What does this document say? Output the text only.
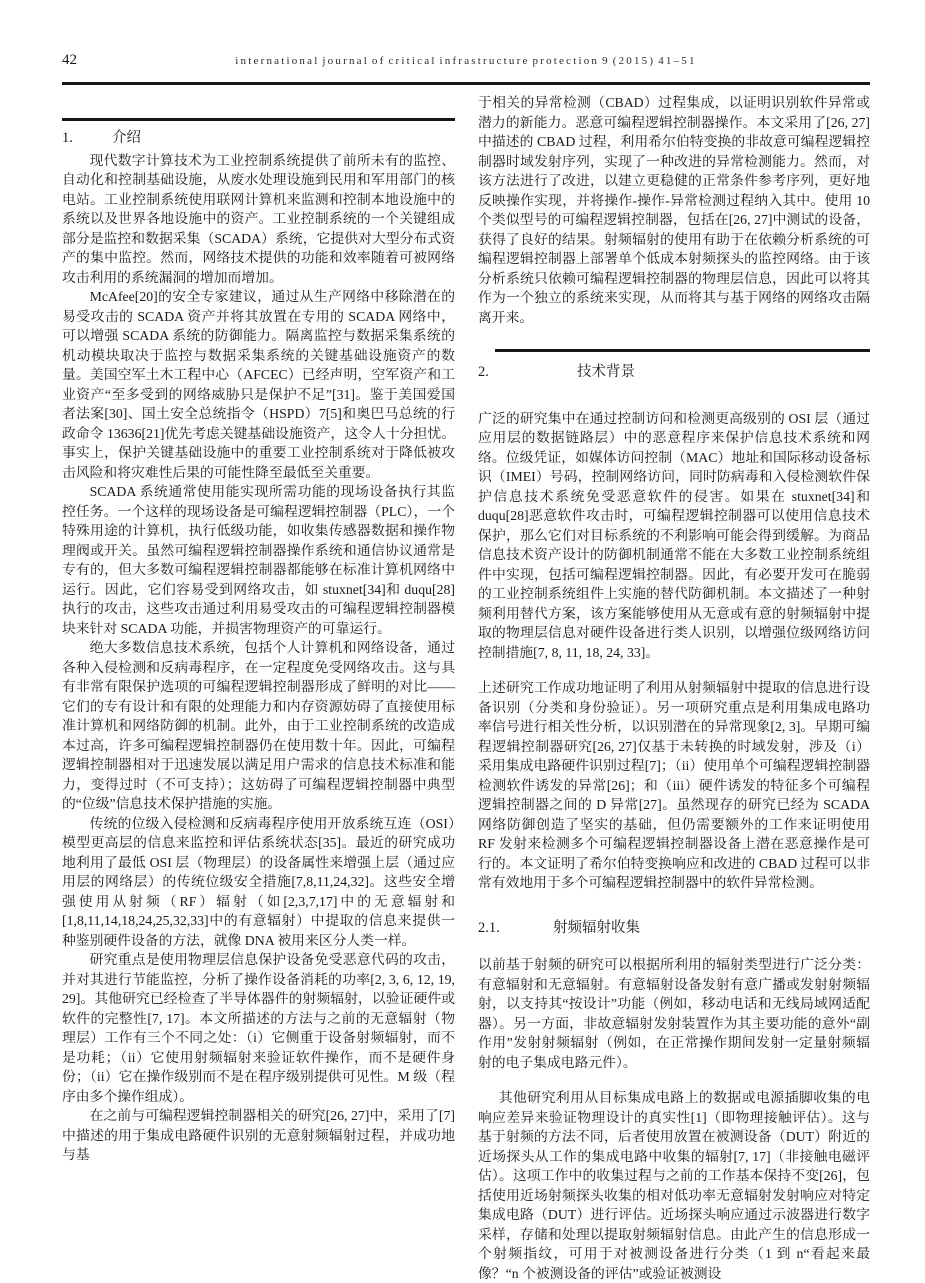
42	international journal of critical infrastructure protection 9 (2015) 41–51
1.	介绍

现代数字计算技术为工业控制系统提供了前所未有的监控、自动化和控制基础设施，从废水处理设施到民用和军用部门的核电站。工业控制系统使用联网计算机来监测和控制本地设施中的系统以及世界各地设施中的资产。工业控制系统的一个关键组成部分是监控和数据采集（SCADA）系统，它提供对大型分布式资产的集中监控。然而，网络技术提供的功能和效率随着可被网络攻击利用的系统漏洞的增加而增加。

McAfee[20]的安全专家建议，通过从生产网络中移除潜在的易受攻击的 SCADA 资产并将其放置在专用的 SCADA 网络中，可以增强 SCADA 系统的防御能力。隔离监控与数据采集系统的机动模块取决于监控与数据采集系统的关键基础设施资产的数量。美国空军土木工程中心（AFCEC）已经声明，空军资产和工业资产“至多受到的网络威胁只是保护不足”[31]。鉴于美国爱国者法案[30]、国土安全总统指令（HSPD）7[5]和奥巴马总统的行政命令 13636[21]优先考虑关键基础设施资产，这令人十分担忧。事实上，保护关键基础设施中的重要工业控制系统对于降低被攻击风险和将灾难性后果的可能性降至最低至关重要。

SCADA 系统通常使用能实现所需功能的现场设备执行其监控任务。一个这样的现场设备是可编程逻辑控制器（PLC），一个特殊用途的计算机，执行低级功能，如收集传感器数据和操作物理阀或开关。虽然可编程逻辑控制器操作系统和通信协议通常是专有的，但大多数可编程逻辑控制器都能够在标准计算机网络中运行。因此，它们容易受到网络攻击，如 stuxnet[34]和 duqu[28]执行的攻击，这些攻击通过利用易受攻击的可编程逻辑控制器模块来针对 SCADA 功能，并损害物理资产的可靠运行。

绝大多数信息技术系统，包括个人计算机和网络设备，通过各种入侵检测和反病毒程序，在一定程度免受网络攻击。这与具有非常有限保护选项的可编程逻辑控制器形成了鲜明的对比——它们的专有设计和有限的处理能力和内存资源妨碍了直接使用标准计算机和网络防御的机制。此外，由于工业控制系统的改造成本过高，许多可编程逻辑控制器仍在使用数十年。因此，可编程逻辑控制器相对于迅速发展以满足用户需求的信息技术标准和能力，变得过时（不可支持）；这妨碍了可编程逻辑控制器中典型的“位级”信息技术保护措施的实施。

传统的位级入侵检测和反病毒程序使用开放系统互连（OSI）模型更高层的信息来监控和评估系统状态[35]。最近的研究成功地利用了最低 OSI 层（物理层）的设备属性来增强上层（通过应用层的网络层）的传统位级安全措施[7,8,11,24,32]。这些安全增强使用从射频（RF）辐射（如[2,3,7,17]中的无意辐射和[1,8,11,14,18,24,25,32,33]中的有意辐射）中提取的信息来提供一种鉴别硬件设备的方法，就像 DNA 被用来区分人类一样。

研究重点是使用物理层信息保护设备免受恶意代码的攻击，并对其进行节能监控，分析了操作设备消耗的功率[2, 3, 6, 12, 19, 29]。其他研究已经检查了半导体器件的射频辐射，以验证硬件或软件的完整性[7, 17]。本文所描述的方法与之前的无意辐射（物理层）工作有三个不同之处：（i）它侧重于设备射频辐射，而不是功耗；（ii）它使用射频辐射来验证软件操作，而不是硬件身份；（ii）它在操作级别而不是在程序级别提供可见性。M 级（程序由多个操作组成）。

在之前与可编程逻辑控制器相关的研究[26, 27]中，采用了[7]中描述的用于集成电路硬件识别的无意射频辐射过程，并成功地与基

于相关的异常检测（CBAD）过程集成，以证明识别软件异常或潜力的新能力。恶意可编程逻辑控制器操作。本文采用了[26, 27]中描述的 CBAD 过程，利用希尔伯特变换的非故意可编程逻辑控制器时域发射序列，实现了一种改进的异常检测能力。然而，对该方法进行了改进，以建立更稳健的正常条件参考序列，更好地反映操作实现，并将操作-操作-异常检测过程纳入其中。使用 10 个类似型号的可编程逻辑控制器，包括在[26, 27]中测试的设备，获得了良好的结果。射频辐射的使用有助于在依赖分析系统的可编程逻辑控制器上部署单个低成本射频探头的监控网络。由于该分析系统只依赖可编程逻辑控制器的物理层信息，因此可以将其作为一个独立的系统来实现，从而将其与基于网络的网络攻击隔离开来。

2.	技术背景

广泛的研究集中在通过控制访问和检测更高级别的 OSI 层（通过应用层的数据链路层）中的恶意程序来保护信息技术系统和网络。位级凭证，如媒体访问控制（MAC）地址和国际移动设备标识（IMEI）号码，控制网络访问，同时防病毒和入侵检测软件保护信息技术系统免受恶意软件的侵害。如果在 stuxnet[34]和 duqu[28]恶意软件攻击时，可编程逻辑控制器可以使用信息技术保护，那么它们对目标系统的不利影响可能会得到缓解。为商品信息技术资产设计的防御机制通常不能在大多数工业控制系统组件中实现，包括可编程逻辑控制器。因此，有必要开发可在脆弱的工业控制系统组件上实施的替代防御机制。本文描述了一种射频利用替代方案，该方案能够使用从无意或有意的射频辐射中提取的物理层信息对硬件设备进行类人识别，以增强位级网络访问控制措施[7, 8, 11, 18, 24, 33]。

上述研究工作成功地证明了利用从射频辐射中提取的信息进行设备识别（分类和身份验证）。另一项研究重点是利用集成电路功率信号进行相关性分析，以识别潜在的异常现象[2, 3]。早期可编程逻辑控制器研究[26, 27]仅基于未转换的时域发射，涉及（i）采用集成电路硬件识别过程[7]；（ii）使用单个可编程逻辑控制器检测软件诱发的异常[26]；和（iii）硬件诱发的特征多个可编程逻辑控制器之间的 D 异常[27]。虽然现存的研究已经为 SCADA 网络防御创造了坚实的基础，但仍需要额外的工作来证明使用 RF 发射来检测多个可编程逻辑控制器设备上潜在恶意操作是可行的。本文证明了希尔伯特变换响应和改进的 CBAD 过程可以非常有效地用于多个可编程逻辑控制器中的软件异常检测。

2.1.	射频辐射收集

以前基于射频的研究可以根据所利用的辐射类型进行广泛分类：有意辐射和无意辐射。有意辐射设备发射有意广播或发射射频辐射，以支持其“按设计”功能（例如，移动电话和无线局域网适配器）。另一方面，非故意辐射发射装置作为其主要功能的意外“副作用”发射射频辐射（例如，在正常操作期间发射一定量射频辐射的电子集成电路元件）。

其他研究利用从目标集成电路上的数据或电源插脚收集的电响应差异来验证物理设计的真实性[1]（即物理接触评估）。这与基于射频的方法不同，后者使用放置在被测设备（DUT）附近的近场探头从工作的集成电路中收集的辐射[7, 17]（非接触电磁评估）。这项工作中的收集过程与之前的工作基本保持不变[26]，包括使用近场射频探头收集的相对低功率无意辐射发射响应对特定集成电路（DUT）进行评估。近场探头响应通过示波器进行数字采样，存储和处理以提取射频辐射信息。由此产生的信息形成一个射频指纹，可用于对被测设备进行分类（1 到 n“看起来最像？“n 个被测设备的评估”或验证被测设
